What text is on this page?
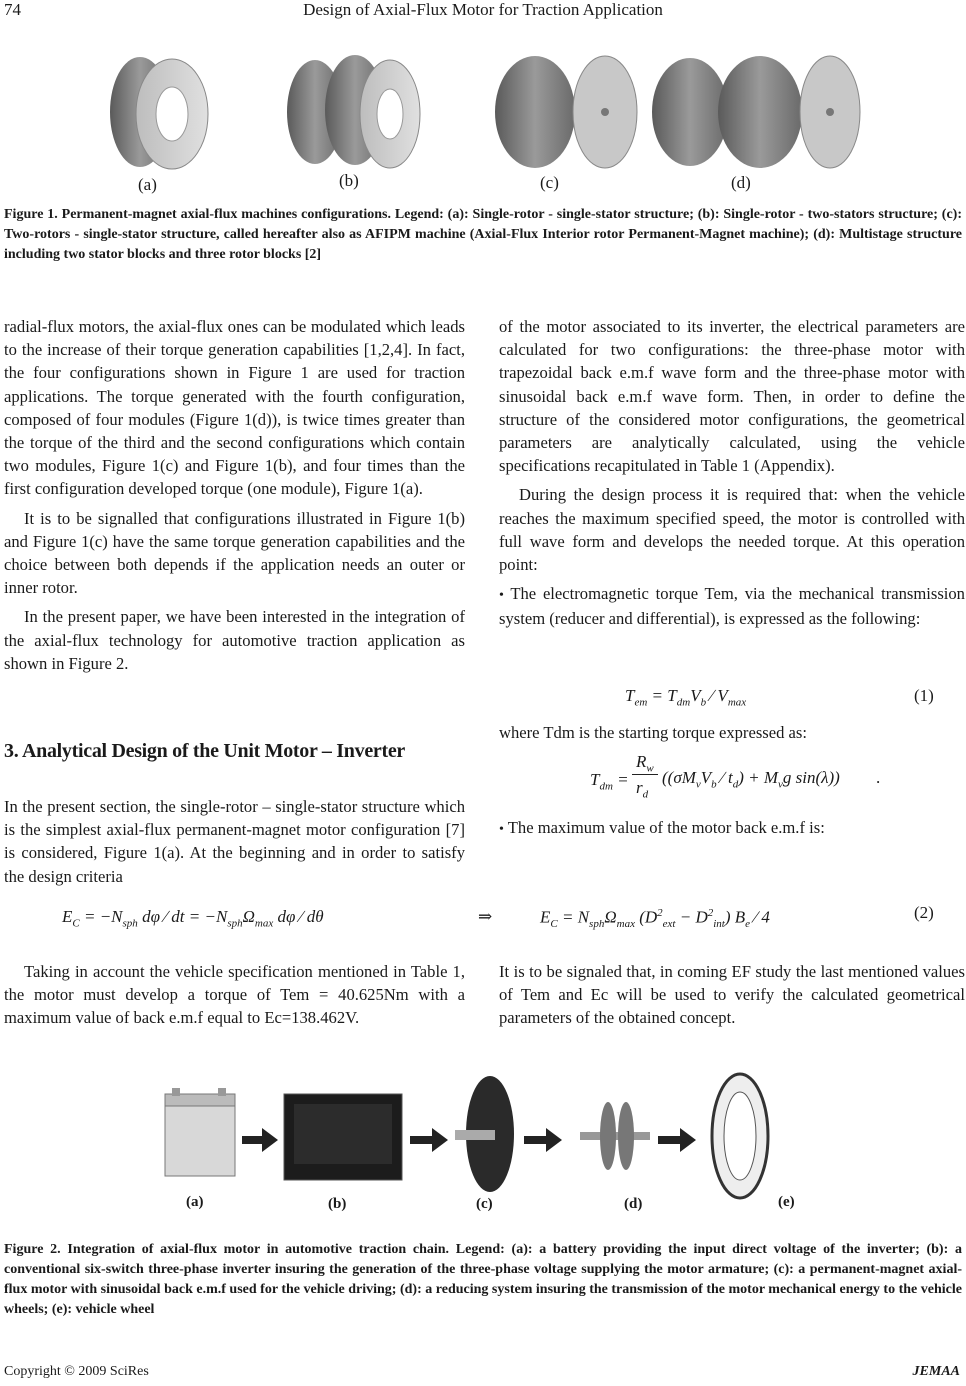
Design of Axial-Flux Motor for Traction Application
74
(a)	(b)	(c)	(d)
Figure 1. Permanent-magnet axial-flux machines configurations. Legend: (a): Single-rotor - single-stator structure; (b): Single-rotor - two-stators structure; (c): Two-rotors - single-stator structure, called hereafter also as AFIPM machine (Axial-Flux Interior rotor Permanent-Magnet machine); (d): Multistage structure including two stator blocks and three rotor blocks [2]

radial-flux motors, the axial-flux ones can be modulated which leads to the increase of their torque generation capabilities [1,2,4]. In fact, the four configurations shown in Figure 1 are used for traction applications. The torque generated with the fourth configuration, composed of four modules (Figure 1(d)), is twice times greater than the torque of the third and the second configurations which contain two modules, Figure 1(c) and Figure 1(b), and four times than the first configuration developed torque (one module), Figure 1(a).

It is to be signalled that configurations illustrated in Figure 1(b) and Figure 1(c) have the same torque generation capabilities and the choice between both depends if the application needs an outer or inner rotor.

In the present paper, we have been interested in the integration of the axial-flux technology for automotive traction application as shown in Figure 2.

3. Analytical Design of the Unit Motor – Inverter
In the present section, the single-rotor – single-stator structure which is the simplest axial-flux permanent-magnet motor configuration [7] is considered, Figure 1(a). At the beginning and in order to satisfy the design criteria

of the motor associated to its inverter, the electrical parameters are calculated for two configurations: the three-phase motor with trapezoidal back e.m.f wave form and the three-phase motor with sinusoidal back e.m.f wave form. Then, in order to define the structure of the considered motor configurations, the geometrical parameters are analytically calculated, using the vehicle specifications recapitulated in Table 1 (Appendix).

During the design process it is required that: when the vehicle reaches the maximum specified speed, the motor is controlled with full wave form and develops the needed torque. At this operation point:

• The electromagnetic torque Tem, via the mechanical transmission system (reducer and differential), is expressed as the following:

$T_{em} = T_{dm}V_b$ ∕ $V_{max}$	(1)
where Tdm is the starting torque expressed as:
$T_{dm}$ =
$R_w$
$r_d$
(($\sigma M_vV_b$ ∕ $t_d) + M_vg$ sin(λ)) .
• The maximum value of the motor back e.m.f is:
$E_C = -N_{sph}$ dφ ∕ dt = $-N_{sph}\Omega_{max}$ dφ ∕ dθ	⇒	$E_C = N_{sph}\Omega_{max}$ $(D^2_{ext} - D^2_{int})$ $B_e$ ∕ 4	(2)
Taking in account the vehicle specification mentioned in Table 1, the motor must develop a torque of Tem = 40.625Nm with a maximum value of back e.m.f equal to Ec=138.462V.
It is to be signaled that, in coming EF study the last mentioned values of Tem and Ec will be used to verify the calculated geometrical parameters of the obtained concept.
(a)	(b)	(c)	(d)	(e)
Figure 2. Integration of axial-flux motor in automotive traction chain. Legend: (a): a battery providing the input direct voltage of the inverter; (b): a conventional six-switch three-phase inverter insuring the generation of the three-phase voltage supplying the motor armature; (c): a permanent-magnet axial-flux motor with sinusoidal back e.m.f used for the vehicle driving; (d): a reducing system insuring the transmission of the motor mechanical energy to the vehicle wheels; (e): vehicle wheel
Copyright © 2009 SciRes	JEMAA
